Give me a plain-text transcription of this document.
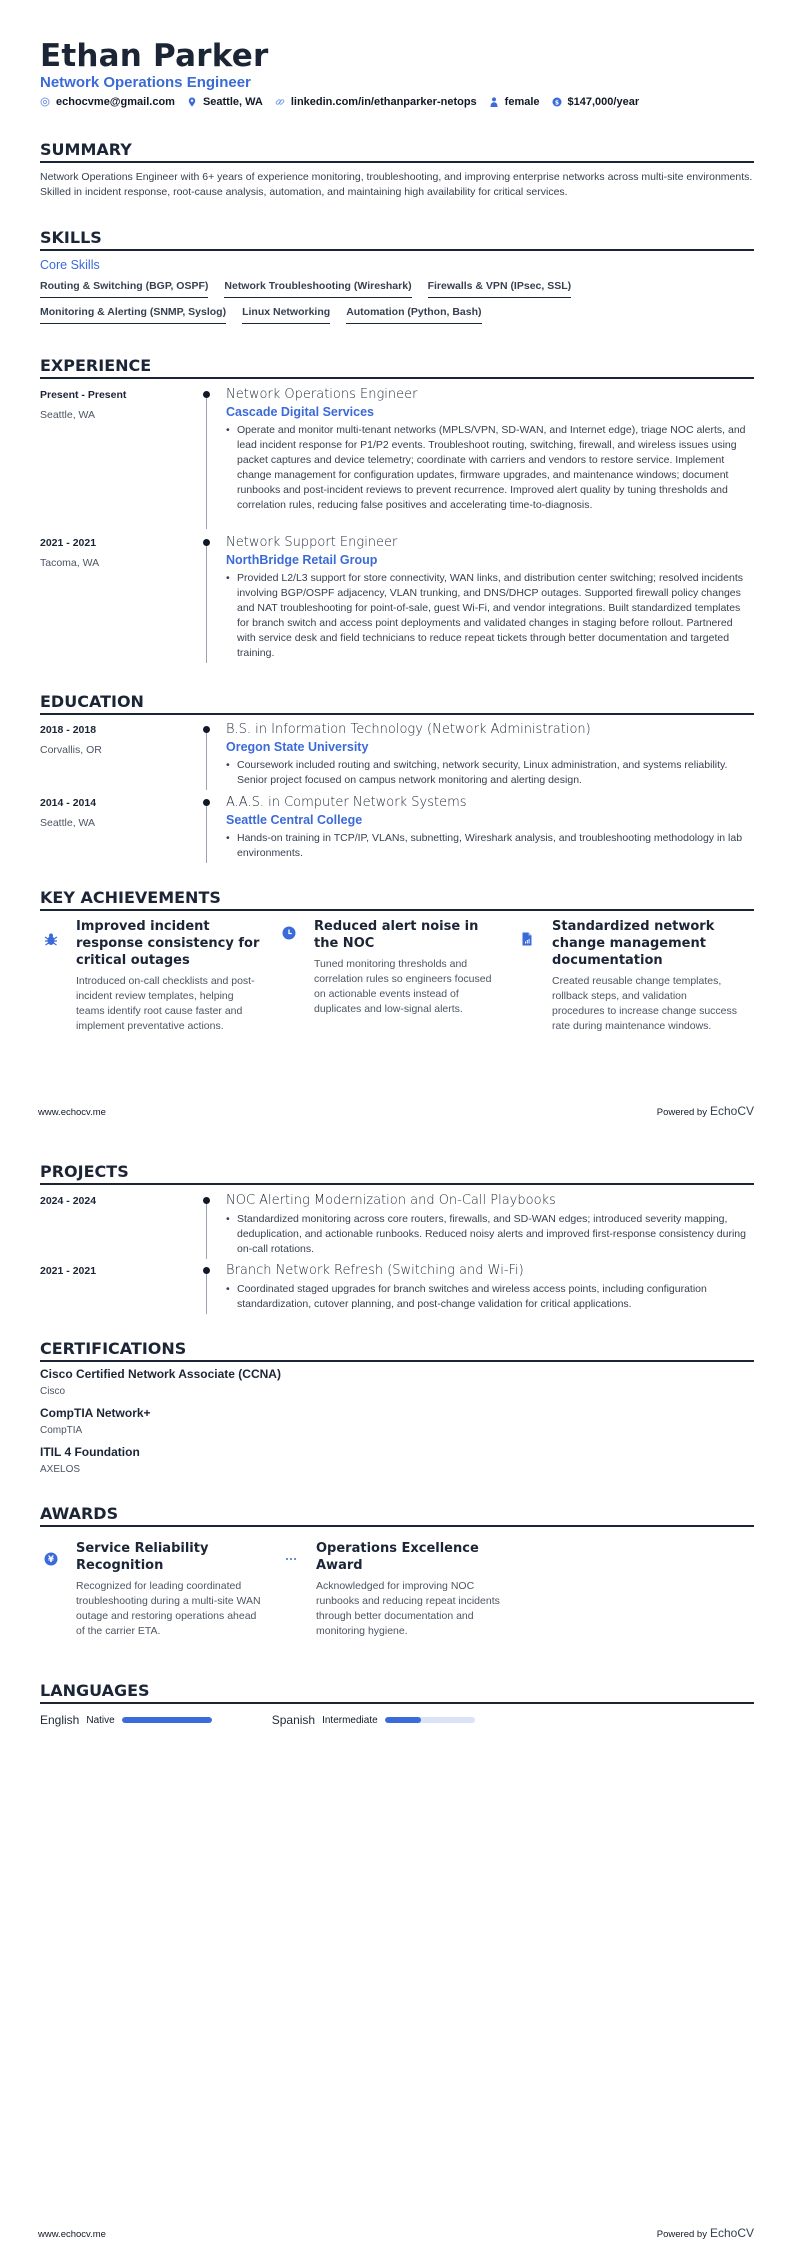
Ethan Parker
Network Operations Engineer
echocvme@gmail.com	Seattle, WA	linkedin.com/in/ethanparker-netops	female $ $147,000/year
SUMMARY
Network Operations Engineer with 6+ years of experience monitoring, troubleshooting, and improving enterprise networks across multi-site environments. Skilled in incident response, root-cause analysis, automation, and maintaining high availability for critical services.
SKILLS
Core Skills
Routing & Switching (BGP, OSPF) Network Troubleshooting (Wireshark) Firewalls & VPN (IPsec, SSL)
Monitoring & Alerting (SNMP, Syslog) Linux Networking Automation (Python, Bash)
EXPERIENCE
Present - Present
Seattle, WA
Network Operations Engineer
Cascade Digital Services
• Operate and monitor multi-tenant networks (MPLS/VPN, SD-WAN, and Internet edge), triage NOC alerts, and lead incident response for P1/P2 events. Troubleshoot routing, switching, firewall, and wireless issues using packet captures and device telemetry; coordinate with carriers and vendors to restore service. Implement change management for configuration updates, firmware upgrades, and maintenance windows; document runbooks and post-incident reviews to prevent recurrence. Improved alert quality by tuning thresholds and correlation rules, reducing false positives and accelerating time-to-diagnosis.
2021 - 2021
Tacoma, WA
Network Support Engineer
NorthBridge Retail Group
• Provided L2/L3 support for store connectivity, WAN links, and distribution center switching; resolved incidents involving BGP/OSPF adjacency, VLAN trunking, and DNS/DHCP outages. Supported firewall policy changes and NAT troubleshooting for point-of-sale, guest Wi-Fi, and vendor integrations. Built standardized templates for branch switch and access point deployments and validated changes in staging before rollout. Partnered with service desk and field technicians to reduce repeat tickets through better documentation and targeted training.
EDUCATION
2018 - 2018
Corvallis, OR
B.S. in Information Technology (Network Administration)
Oregon State University
• Coursework included routing and switching, network security, Linux administration, and systems reliability. Senior project focused on campus network monitoring and alerting design.
2014 - 2014
Seattle, WA
A.A.S. in Computer Network Systems
Seattle Central College
• Hands-on training in TCP/IP, VLANs, subnetting, Wireshark analysis, and troubleshooting methodology in lab environments.
KEY ACHIEVEMENTS
Improved incident response consistency for critical outages
Introduced on-call checklists and post-incident review templates, helping teams identify root cause faster and implement preventative actions.
Reduced alert noise in the NOC
Tuned monitoring thresholds and correlation rules so engineers focused on actionable events instead of duplicates and low-signal alerts.
Standardized network change management documentation
Created reusable change templates, rollback steps, and validation procedures to increase change success rate during maintenance windows.
www.echocv.me	Powered by EchoCV
PROJECTS
2024 - 2024	NOC Alerting Modernization and On-Call Playbooks
• Standardized monitoring across core routers, firewalls, and SD-WAN edges; introduced severity mapping, deduplication, and actionable runbooks. Reduced noisy alerts and improved first-response consistency during on-call rotations.
2021 - 2021	Branch Network Refresh (Switching and Wi-Fi)
• Coordinated staged upgrades for branch switches and wireless access points, including configuration standardization, cutover planning, and post-change validation for critical applications.
CERTIFICATIONS
Cisco Certified Network Associate (CCNA)
Cisco
CompTIA Network+
CompTIA
ITIL 4 Foundation
AXELOS
AWARDS
¥
Service Reliability Recognition
Recognized for leading coordinated troubleshooting during a multi-site WAN outage and restoring operations ahead of the carrier ETA.
Operations Excellence Award
Acknowledged for improving NOC runbooks and reducing repeat incidents through better documentation and monitoring hygiene.
LANGUAGES
English Native	Spanish Intermediate
www.echocv.me	Powered by EchoCV
